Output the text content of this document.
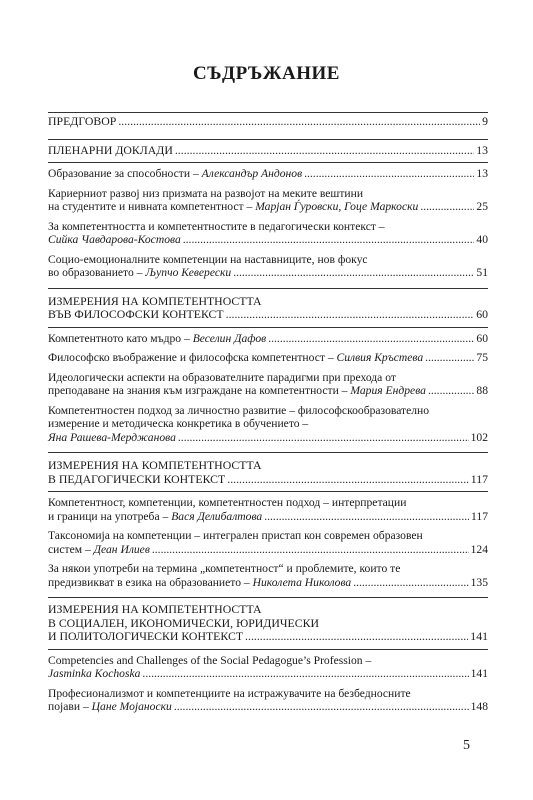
СЪДРЪЖАНИЕ
ПРЕДГОВОР .....	9
ПЛЕНАРНИ ДОКЛАДИ .....	13
Образование за способности – Александър Андонов .....	13
Кариерниот развој низ призмата на развојот на меките вештини
на студентите и нивната компетентност – Марјан Ѓуровски, Гоце Маркоски .....	25
За компетентността и компетентностите в педагогически контекст –
Сийка Чавдарова-Костова .....	40
Социо-емоционалните компетенции на наставниците, нов фокус
во образованието – Љупчо Кеверески .....	51
ИЗМЕРЕНИЯ НА КОМПЕТЕНТНОСТТА
ВЪВ ФИЛОСОФСКИ КОНТЕКСТ .....	60
Компетентното като мъдро – Веселин Дафов .....	60
Философско въображение и философска компетентност – Силвия Кръстева .....	75
Идеологически аспекти на образователните парадигми при прехода от
преподаване на знания към изграждане на компетентности – Мария Ендрева .....	88
Компетентностен подход за личностно развитие – философскообразователно
измерение и методическа конкретика в обучението –
Яна Рашева-Мерджанова .....	102
ИЗМЕРЕНИЯ НА КОМПЕТЕНТНОСТТА
В ПЕДАГОГИЧЕСКИ КОНТЕКСТ .....	117
Компетентност, компетенции, компетентностен подход – интерпретации
и граници на употреба – Вася Делибалтова .....	117
Таксономија на компетенции – интегрален пристап кон современ образовен
систем – Деан Илиев .....	124
За някои употреби на термина „компетентност“ и проблемите, които те
предизвикват в езика на образованието – Николета Николова .....	135
ИЗМЕРЕНИЯ НА КОМПЕТЕНТНОСТТА
В СОЦИАЛЕН, ИКОНОМИЧЕСКИ, ЮРИДИЧЕСКИ
И ПОЛИТОЛОГИЧЕСКИ КОНТЕКСТ .....	141
Competencies and Challenges of the Social Pedagogue’s Profession –
Jasminka Kochoska .....	141
Професионализмот и компетенциите на истражувачите на безбедносните
појави – Цане Мојаноски .....	148
5
